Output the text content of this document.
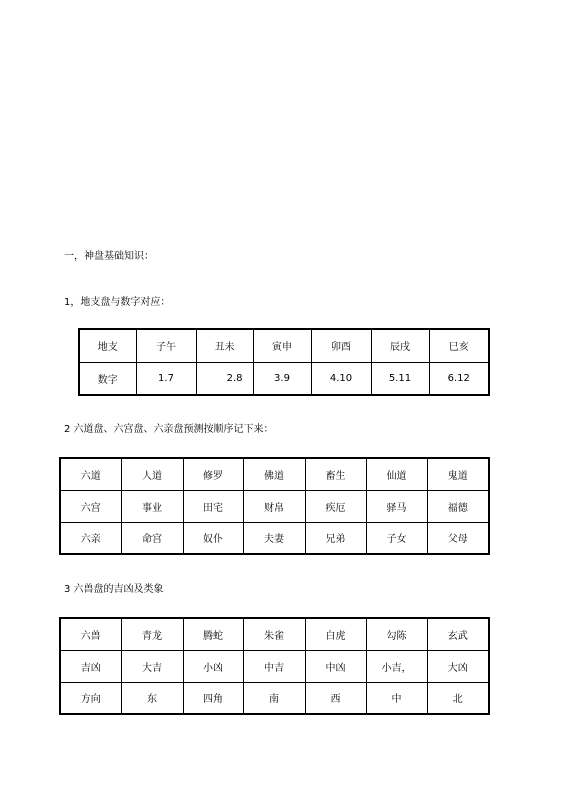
一，神盘基础知识：
1，地支盘与数字对应：
地支	子午	丑未	寅申	卯酉	辰戌	巳亥
数字	1.7	2.8	3.9	4.10	5.11	6.12
2 六道盘、六宫盘、六亲盘预测按顺序记下来：
六道	人道	修罗	佛道	畜生	仙道	鬼道
六宫	事业	田宅	财帛	疾厄	驿马	福德
六亲	命宫	奴仆	夫妻	兄弟	子女	父母
3 六兽盘的吉凶及类象
六兽	青龙	腾蛇	朱雀	白虎	勾陈	玄武
吉凶	大吉	小凶	中吉	中凶	小吉，	大凶
方向	东	四角	南	西	中	北
